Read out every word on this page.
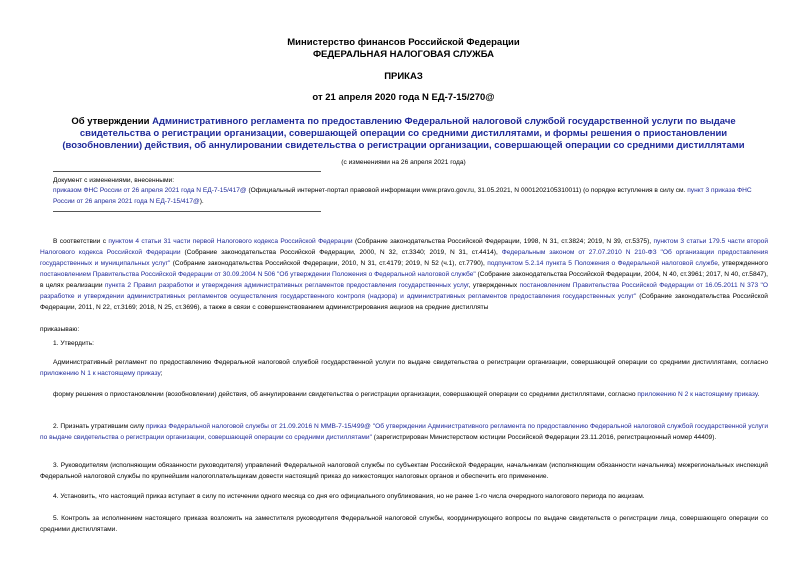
Министерство финансов Российской Федерации
ФЕДЕРАЛЬНАЯ НАЛОГОВАЯ СЛУЖБА
ПРИКАЗ
от 21 апреля 2020 года N ЕД-7-15/270@
Об утверждении Административного регламента по предоставлению Федеральной налоговой службой государственной услуги по выдаче свидетельства о регистрации организации, совершающей операции со средними дистиллятами, и формы решения о приостановлении (возобновлении) действия, об аннулировании свидетельства о регистрации организации, совершающей операции со средними дистиллятами
(с изменениями на 26 апреля 2021 года)
Документ с изменениями, внесенными:
приказом ФНС России от 26 апреля 2021 года N ЕД-7-15/417@ (Официальный интернет-портал правовой информации www.pravo.gov.ru, 31.05.2021, N 0001202105310011) (о порядке вступления в силу см. пункт 3 приказа ФНС России от 26 апреля 2021 года N ЕД-7-15/417@).
В соответствии с пунктом 4 статьи 31 части первой Налогового кодекса Российской Федерации (Собрание законодательства Российской Федерации, 1998, N 31, ст.3824; 2019, N 39, ст.5375), пунктом 3 статьи 179.5 части второй Налогового кодекса Российской Федерации (Собрание законодательства Российской Федерации, 2000, N 32, ст.3340; 2019, N 31, ст.4414), Федеральным законом от 27.07.2010 N 210-ФЗ "Об организации предоставления государственных и муниципальных услуг" (Собрание законодательства Российской Федерации, 2010, N 31, ст.4179; 2019, N 52 (ч.1), ст.7790), подпунктом 5.2.14 пункта 5 Положения о Федеральной налоговой службе, утвержденного постановлением Правительства Российской Федерации от 30.09.2004 N 506 "Об утверждении Положения о Федеральной налоговой службе" (Собрание законодательства Российской Федерации, 2004, N 40, ст.3961; 2017, N 40, ст.5847), в целях реализации пункта 2 Правил разработки и утверждения административных регламентов предоставления государственных услуг, утвержденных постановлением Правительства Российской Федерации от 16.05.2011 N 373 "О разработке и утверждении административных регламентов осуществления государственного контроля (надзора) и административных регламентов предоставления государственных услуг" (Собрание законодательства Российской Федерации, 2011, N 22, ст.3169; 2018, N 25, ст.3696), а также в связи с совершенствованием администрирования акцизов на средние дистилляты
приказываю:
1. Утвердить:
Административный регламент по предоставлению Федеральной налоговой службой государственной услуги по выдаче свидетельства о регистрации организации, совершающей операции со средними дистиллятами, согласно приложению N 1 к настоящему приказу;
форму решения о приостановлении (возобновлении) действия, об аннулировании свидетельства о регистрации организации, совершающей операции со средними дистиллятами, согласно приложению N 2 к настоящему приказу.
2. Признать утратившим силу приказ Федеральной налоговой службы от 21.09.2016 N ММВ-7-15/499@ "Об утверждении Административного регламента по предоставлению Федеральной налоговой службой государственной услуги по выдаче свидетельства о регистрации организации, совершающей операции со средними дистиллятами" (зарегистрирован Министерством юстиции Российской Федерации 23.11.2016, регистрационный номер 44409).
3. Руководителям (исполняющим обязанности руководителя) управлений Федеральной налоговой службы по субъектам Российской Федерации, начальникам (исполняющим обязанности начальника) межрегиональных инспекций Федеральной налоговой службы по крупнейшим налогоплательщикам довести настоящий приказ до нижестоящих налоговых органов и обеспечить его применение.
4. Установить, что настоящий приказ вступает в силу по истечении одного месяца со дня его официального опубликования, но не ранее 1-го числа очередного налогового периода по акцизам.
5. Контроль за исполнением настоящего приказа возложить на заместителя руководителя Федеральной налоговой службы, координирующего вопросы по выдаче свидетельств о регистрации лица, совершающего операции со средними дистиллятами.
